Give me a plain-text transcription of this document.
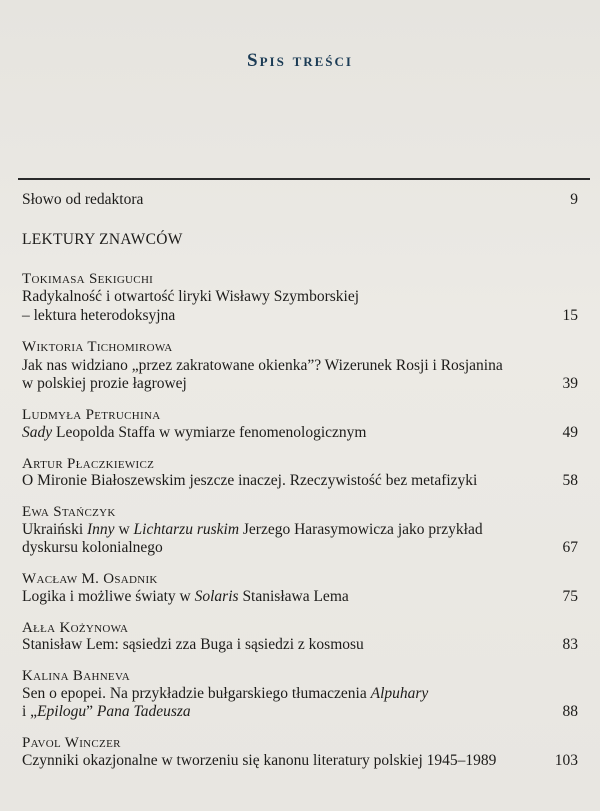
Spis treści
Słowo od redaktora	9
LEKTURY ZNAWCÓW
Tokimasa Sekiguchi
Radykalność i otwartość liryki Wisławy Szymborskiej
– lektura heterodoksyjna	15
Wiktoria Tichomirowa
Jak nas widziano „przez zakratowane okienka”? Wizerunek Rosji i Rosjanina
w polskiej prozie łagrowej	39
Ludmyła Petruchina
Sady Leopolda Staffa w wymiarze fenomenologicznym	49
Artur Płaczkiewicz
O Mironie Białoszewskim jeszcze inaczej. Rzeczywistość bez metafizyki	58
Ewa Stańczyk
Ukraiński Inny w Lichtarzu ruskim Jerzego Harasymowicza jako przykład
dyskursu kolonialnego	67
Wacław M. Osadnik
Logika i możliwe światy w Solaris Stanisława Lema	75
Ałła Kożynowa
Stanisław Lem: sąsiedzi zza Buga i sąsiedzi z kosmosu	83
Kalina Bahneva
Sen o epopei. Na przykładzie bułgarskiego tłumaczenia Alpuhary
i „Epilogu” Pana Tadeusza	88
Pavol Winczer
Czynniki okazjonalne w tworzeniu się kanonu literatury polskiej 1945–1989	103
